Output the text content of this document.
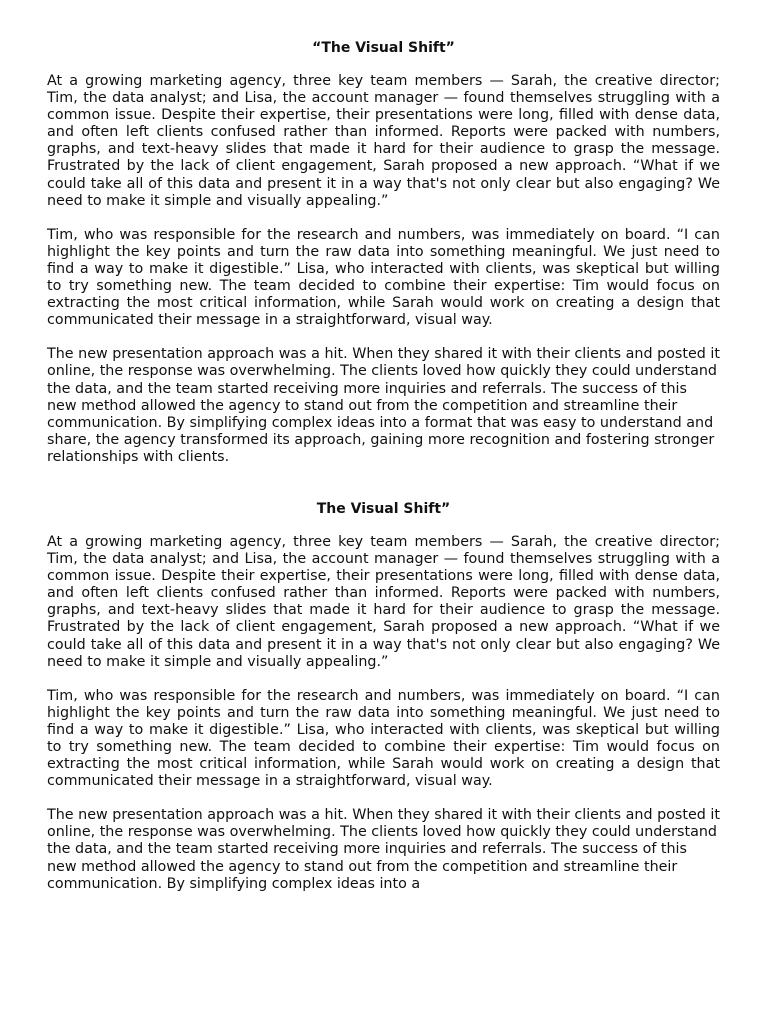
“The Visual Shift”
At a growing marketing agency, three key team members — Sarah, the creative director; Tim, the data analyst; and Lisa, the account manager — found themselves struggling with a common issue. Despite their expertise, their presentations were long, filled with dense data, and often left clients confused rather than informed. Reports were packed with numbers, graphs, and text-heavy slides that made it hard for their audience to grasp the message. Frustrated by the lack of client engagement, Sarah proposed a new approach. “What if we could take all of this data and present it in a way that's not only clear but also engaging? We need to make it simple and visually appealing.”
Tim, who was responsible for the research and numbers, was immediately on board. “I can highlight the key points and turn the raw data into something meaningful. We just need to find a way to make it digestible.” Lisa, who interacted with clients, was skeptical but willing to try something new. The team decided to combine their expertise: Tim would focus on extracting the most critical information, while Sarah would work on creating a design that communicated their message in a straightforward, visual way.
The new presentation approach was a hit. When they shared it with their clients and posted it online, the response was overwhelming. The clients loved how quickly they could understand the data, and the team started receiving more inquiries and referrals. The success of this new method allowed the agency to stand out from the competition and streamline their communication. By simplifying complex ideas into a format that was easy to understand and share, the agency transformed its approach, gaining more recognition and fostering stronger relationships with clients.
The Visual Shift”
At a growing marketing agency, three key team members — Sarah, the creative director; Tim, the data analyst; and Lisa, the account manager — found themselves struggling with a common issue. Despite their expertise, their presentations were long, filled with dense data, and often left clients confused rather than informed. Reports were packed with numbers, graphs, and text-heavy slides that made it hard for their audience to grasp the message. Frustrated by the lack of client engagement, Sarah proposed a new approach. “What if we could take all of this data and present it in a way that's not only clear but also engaging? We need to make it simple and visually appealing.”
Tim, who was responsible for the research and numbers, was immediately on board. “I can highlight the key points and turn the raw data into something meaningful. We just need to find a way to make it digestible.” Lisa, who interacted with clients, was skeptical but willing to try something new. The team decided to combine their expertise: Tim would focus on extracting the most critical information, while Sarah would work on creating a design that communicated their message in a straightforward, visual way.
The new presentation approach was a hit. When they shared it with their clients and posted it online, the response was overwhelming. The clients loved how quickly they could understand the data, and the team started receiving more inquiries and referrals. The success of this new method allowed the agency to stand out from the competition and streamline their communication. By simplifying complex ideas into a
